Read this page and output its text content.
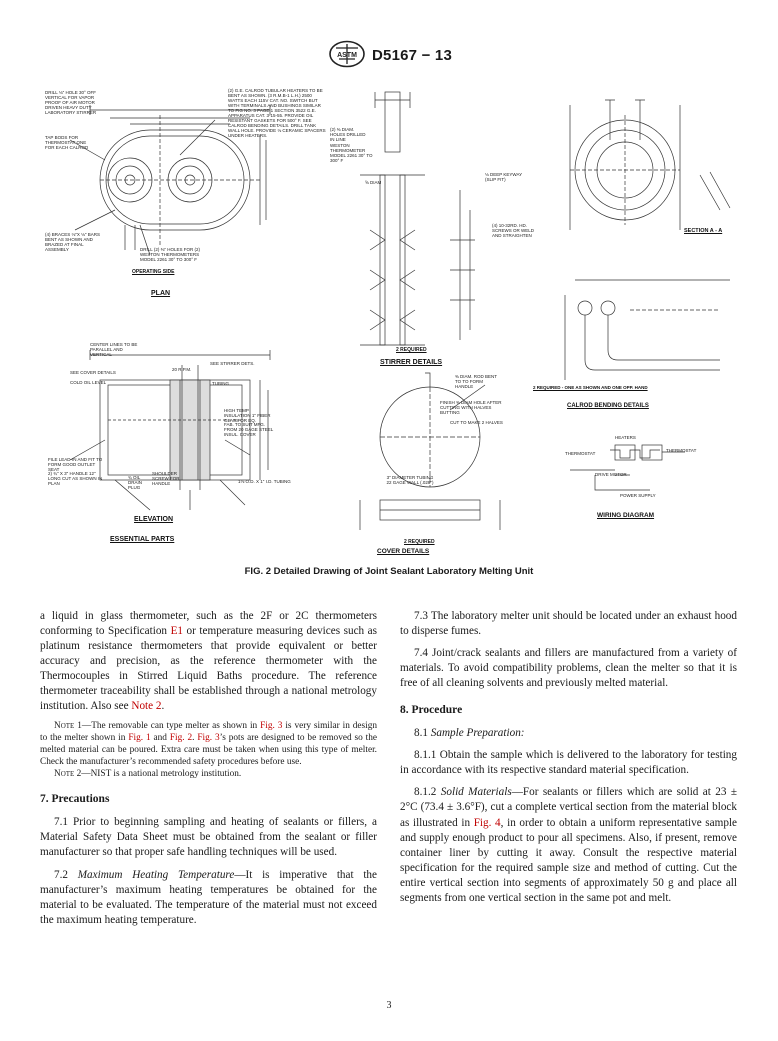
ASTM D5167 − 13
DRILL ⅛" HOLE 30° OFF VERTICAL FOR VAPOR PROOF OF AIR MOTOR DRIVEN HEAVY DUTY LABORATORY STIRRER
TAP BODS FOR THERMOSTAT ONE FOR EACH CALROD
(4) BRACES ⅛"X ⅛" BARS BENT AS SHOWN AND BRAZED AT FINAL ASSEMBLY	DRILL (2) ⅜" HOLES FOR (2) WESTON THERMOMETERS MODEL 2261 30° TO 300° F
(2) G.E. CALROD TUBULAR HEATERS TO BE BENT AS SHOWN. (3 R.M.B-1 L.H.) 2500 WATTS EACH 115V CAT. NO. SWITCH BUT WITH TERMINALS AND BUSHINGS SIMILAR TO FIG NO. 3 PAGE 1 SECTION 3522 G.E. APPARATUS CAT. 3-15-55. PROVIDE OIL RESISTANT GASKETS FOR 500° F. SEE CALROD BENDING DETAILS. DRILL TANK WALL HOLE. PROVIDE ⅛ CERAMIC SPACERS UNDER HEATERS.
(2) ⅜ DIAM. HOLES DRILLED IN LINE
WESTON THERMOMETER MODEL 2261 30° TO 300° F
⅝ DIAM
⅛ DEEP KEYWAY (SLIP FIT)
(4) 10-32RD. HD. SCREWS OR WELD AND STRAIGHTEN
CENTER LINES TO BE PARALLEL AND VERTICAL
SEE COVER DETAILS
20 R.P.M.
SEE STIRRER DETS.
COLD OIL LEVEL	TUBING
HIGH TEMP INSULATION 1" FIBER GLASS OR EQ.
FAB. TO SUIT MFG. FROM 20 GAGE STEEL INSUL. COVER
FILE LEAD-IN AND FIT TO FORM GOOD OUTLET SEAT
2) ¾" X 3" HANDLE 12" LONG CUT AS SHOWN IN PLAN
¾ OIL DRAIN PLUG
SHOULDER SCREW FOR HANDLE	1⅛ O.D. X 1" I.D. TUBING
⅜ DIAM. ROD BENT TO TO FORM HANDLE
FINISH ⅜ DIAM HOLE AFTER CUTTING WITH HALVES BUTTING
CUT TO MAKE 2 HALVES
3" DIAMETER TUBING
22 GAGE WALL (.028")
HEATERS
THERMOSTAT
THERMOSTAT
DRIVE MOTOR
POWER SUPPLY
OPERATING SIDE
PLAN
ELEVATION
ESSENTIAL PARTS
2 REQUIRED
STIRRER DETAILS
SECTION A - A
2 REQUIRED - ONE AS SHOWN AND ONE OPP. HAND
CALROD BENDING DETAILS
2 REQUIRED
COVER DETAILS
WIRING DIAGRAM
FIG. 2 Detailed Drawing of Joint Sealant Laboratory Melting Unit

a liquid in glass thermometer, such as the 2F or 2C thermometers conforming to Specification E1 or temperature measuring devices such as platinum resistance thermometers that provide equivalent or better accuracy and precision, as the reference thermometer with the Thermocouples in Stirred Liquid Baths procedure. The reference thermometer traceability shall be established through a national metrology institution. Also see Note 2.

Note 1—The removable can type melter as shown in Fig. 3 is very similar in design to the melter shown in Fig. 1 and Fig. 2. Fig. 3’s pots are designed to be removed so the melted material can be poured. Extra care must be taken when using this type of melter. Check the manufacturer’s recommended safety procedures before use.

Note 2—NIST is a national metrology institution.

7. Precautions

7.1 Prior to beginning sampling and heating of sealants or fillers, a Material Safety Data Sheet must be obtained from the sealant or filler manufacturer so that proper safe handling techniques will be used.

7.2 Maximum Heating Temperature—It is imperative that the manufacturer’s maximum heating temperatures be obtained for the material to be evaluated. The temperature of the material must not exceed the maximum heating temperature.

7.3 The laboratory melter unit should be located under an exhaust hood to disperse fumes.

7.4 Joint/crack sealants and fillers are manufactured from a variety of materials. To avoid compatibility problems, clean the melter so that it is free of all cleaning solvents and previously melted material.

8. Procedure

8.1 Sample Preparation:

8.1.1 Obtain the sample which is delivered to the laboratory for testing in accordance with its respective standard material specification.

8.1.2 Solid Materials—For sealants or fillers which are solid at 23 ± 2°C (73.4 ± 3.6°F), cut a complete vertical section from the material block as illustrated in Fig. 4, in order to obtain a uniform representative sample and supply enough product to pour all specimens. Also, if present, remove container liner by cutting it away. Consult the respective material specification for the required sample size and method of cutting. Cut the entire vertical section into segments of approximately 50 g and place all segments from one vertical section in the same pot and melt.

3
